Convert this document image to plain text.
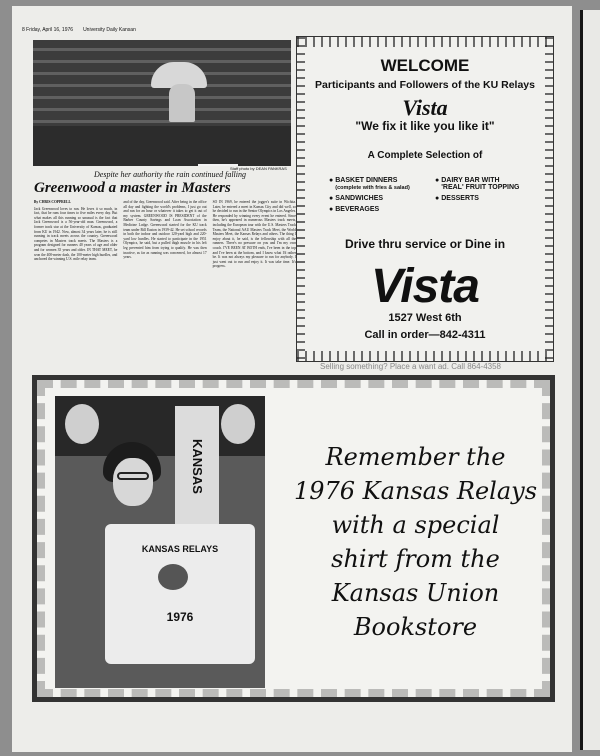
8 Friday, April 16, 1976 University Daily Kansan
Staff photo by DEAN PANKRAS
Despite her authority the rain continued falling
Greenwood a master in Masters
By CHRIS COPPRELL
Jack Greenwood loves to run. He loves it so much, in fact, that he runs four times to five miles every day. But what makes all this running so unusual is the fact that Jack Greenwood is a 56-year-old man. Greenwood, a former track star at the University of Kansas, graduated from KU in 1942. Now, almost 34 years later, he is still running in track meets across the country. Greenwood competes in Masters track meets. The Masters is a program designed for runners 40 years of age and older and for women 35 years and older. IN THAT MEET, he won the 400-meter dash, the 100-meter high hurdles, and anchored the winning U.S. mile relay team.
and of the day, Greenwood said. After being in the office all day and fighting the world's problems, I just go out and run for an hour or whatever it takes to get it out of my system. GREENWOOD IS PRESIDENT of the Barber County Savings and Loan Association in Medicine Lodge. Greenwood started for the KU track team under Bill Easton in 1939-42. He set school records in both the indoor and outdoor 120-yard high and 220-yard low hurdles. He started to participate in the 1951 Olympics, he said, but a pulled thigh muscle in his left leg prevented him from trying to qualify. He was then inactive, as far as running was concerned, for almost 17 years.
SO IN 1969, he entered the jogger's suite in Wichita. Later, he entered a meet in Kansas City and did well, so he decided to run in the Senior Olympics in Los Angeles. He responded by winning every event he entered. Since then, he's appeared in numerous Masters track meets, including the European tour with the U.S. Masters Track Team, the National AAU Masters Track Meet, the World Masters Meet, the Kansas Relays and others. The thing I enjoy about it, he said, is the fellowship with all the runners. There's no pressure on you and I'm my own coach. I'VE BEEN AT BOTH ends, I've been in the top and I've been at the bottom, and I know what I'd rather be. It was not always my pleasure to run for anybody. I just went out to run and enjoy it. It was take time. It's progress.
WELCOME
Participants and Followers of the KU Relays
Vista
"We fix it like you like it"
A Complete Selection of
● BASKET DINNERS
(complete with fries & salad)
● DAIRY BAR WITH
'REAL' FRUIT TOPPING
● SANDWICHES	● DESSERTS
● BEVERAGES
Drive thru service or Dine in
Vista
1527 West 6th
Call in order—842-4311
Selling something? Place a want ad. Call 864-4358
KANSAS
KANSAS RELAYS
1976
Remember the
1976 Kansas Relays
with a special
shirt from the
Kansas Union
Bookstore
